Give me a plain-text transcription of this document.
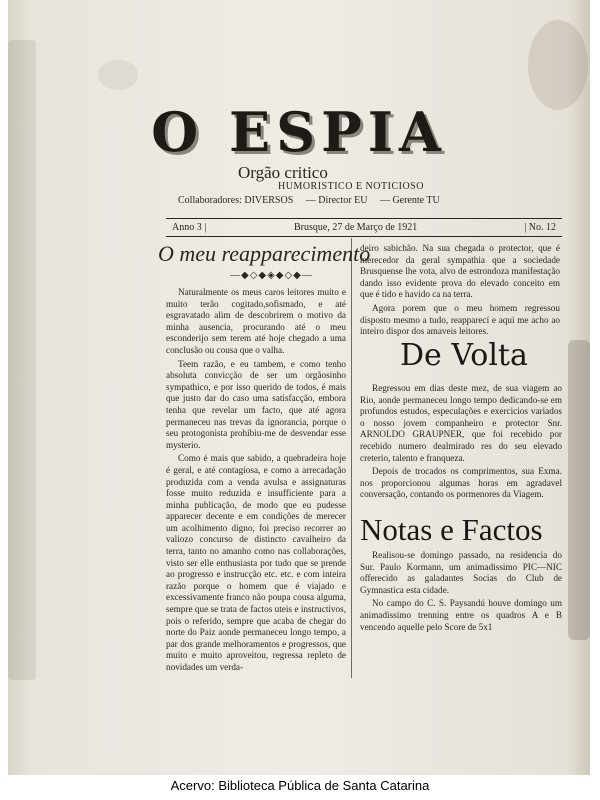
O ESPIA
Orgão critico
HUMORISTICO E NOTICIOSO
Collaboradores: DIVERSOS — Director EU — Gerente TU
Anno 3 |	Brusque, 27 de Março de 1921	| No. 12
O meu reapparecimento
—◆◇◆◈◆◇◆—

Naturalmente os meus caros leitores muito e muito terão cogitado,sofismado, e até esgravatado alim de descobrirem o motivo da minha ausencia, procurando até o meu esconderijo sem terem até hoje chegado a uma conclusão ou cousa que o valha.

Teem razão, e eu tambem, e como tenho absoluta convicção de ser um orgãosinho sympathico, e por isso querido de todos, é mais que justo dar do caso uma satisfacção, embora tenha que revelar um facto, que até agora permaneceu nas trevas da ignorancia, porque o seu protogonista prohibiu-me de desvendar esse mysterio.

Como é mais que sabido, a quebradeira hoje é geral, e até contagiosa, e como a arrecadação produzida com a venda avulsa e assignaturas fosse muito reduzida e insufficiente para a minha publicação, de modo que eu pudesse apparecer decente e em condições de merecer um acolhimento digno, foi preciso recorrer ao valiozo concurso de distincto cavalheiro da terra, tanto no amanho como nas collaborações, visto ser elle enthusiasta por tudo que se prende ao progresso e instrucção etc. etc. e com inteira razão porque o homem que é viajado e excessivamente franco não poupa cousa alguma, sempre que se trata de factos uteis e instructivos, pois o referido, sempre que acaba de chegar do norte do Paiz aonde permaneceu longo tempo, a par dos grande melhoramentos e progressos, que muito e muito aproveitou, regressa repleto de novidades um verda-

deiro sabichão. Na sua chegada o protector, que é merecedor da geral sympathia que a sociedade Brusquense lhe vota, alvo de estrondoza manifestação dando isso evidente prova do elevado conceito em que é tido e havido ca na terra.

Agora porem que o meu homem regressou disposto mesmo a tudo, reapparecí e aqui me acho ao inteiro dispor dos amaveis leitores.

De Volta

Regressou em dias deste mez, de sua viagem ao Rio, aonde permaneceu longo tempo dedicando-se em profundos estudos, especulações e exercicios variados o nosso jovem companheiro e protector Snr. ARNOLDO GRAUPNER, que foi recebido por recebido numero dealmirado res do seu elevado creterio, talento e franqueza.

Depois de trocados os comprimentos, sua Exma. nos proporcionou algumas horas em agradavel conversação, contando os pormenores da Viagem.

Notas e Factos

Realisou-se domingo passado, na residencia do Sur. Paulo Kormann, um animadissimo PIC—NIC offerecido as galadantes Socias do Club de Gymnastica esta cidade.

No campo do C. S. Paysandú houve domingo um animadissimo trenning entre os quadros A e B vencendo aquelle pelo Score de 5x1

Acervo: Biblioteca Pública de Santa Catarina
